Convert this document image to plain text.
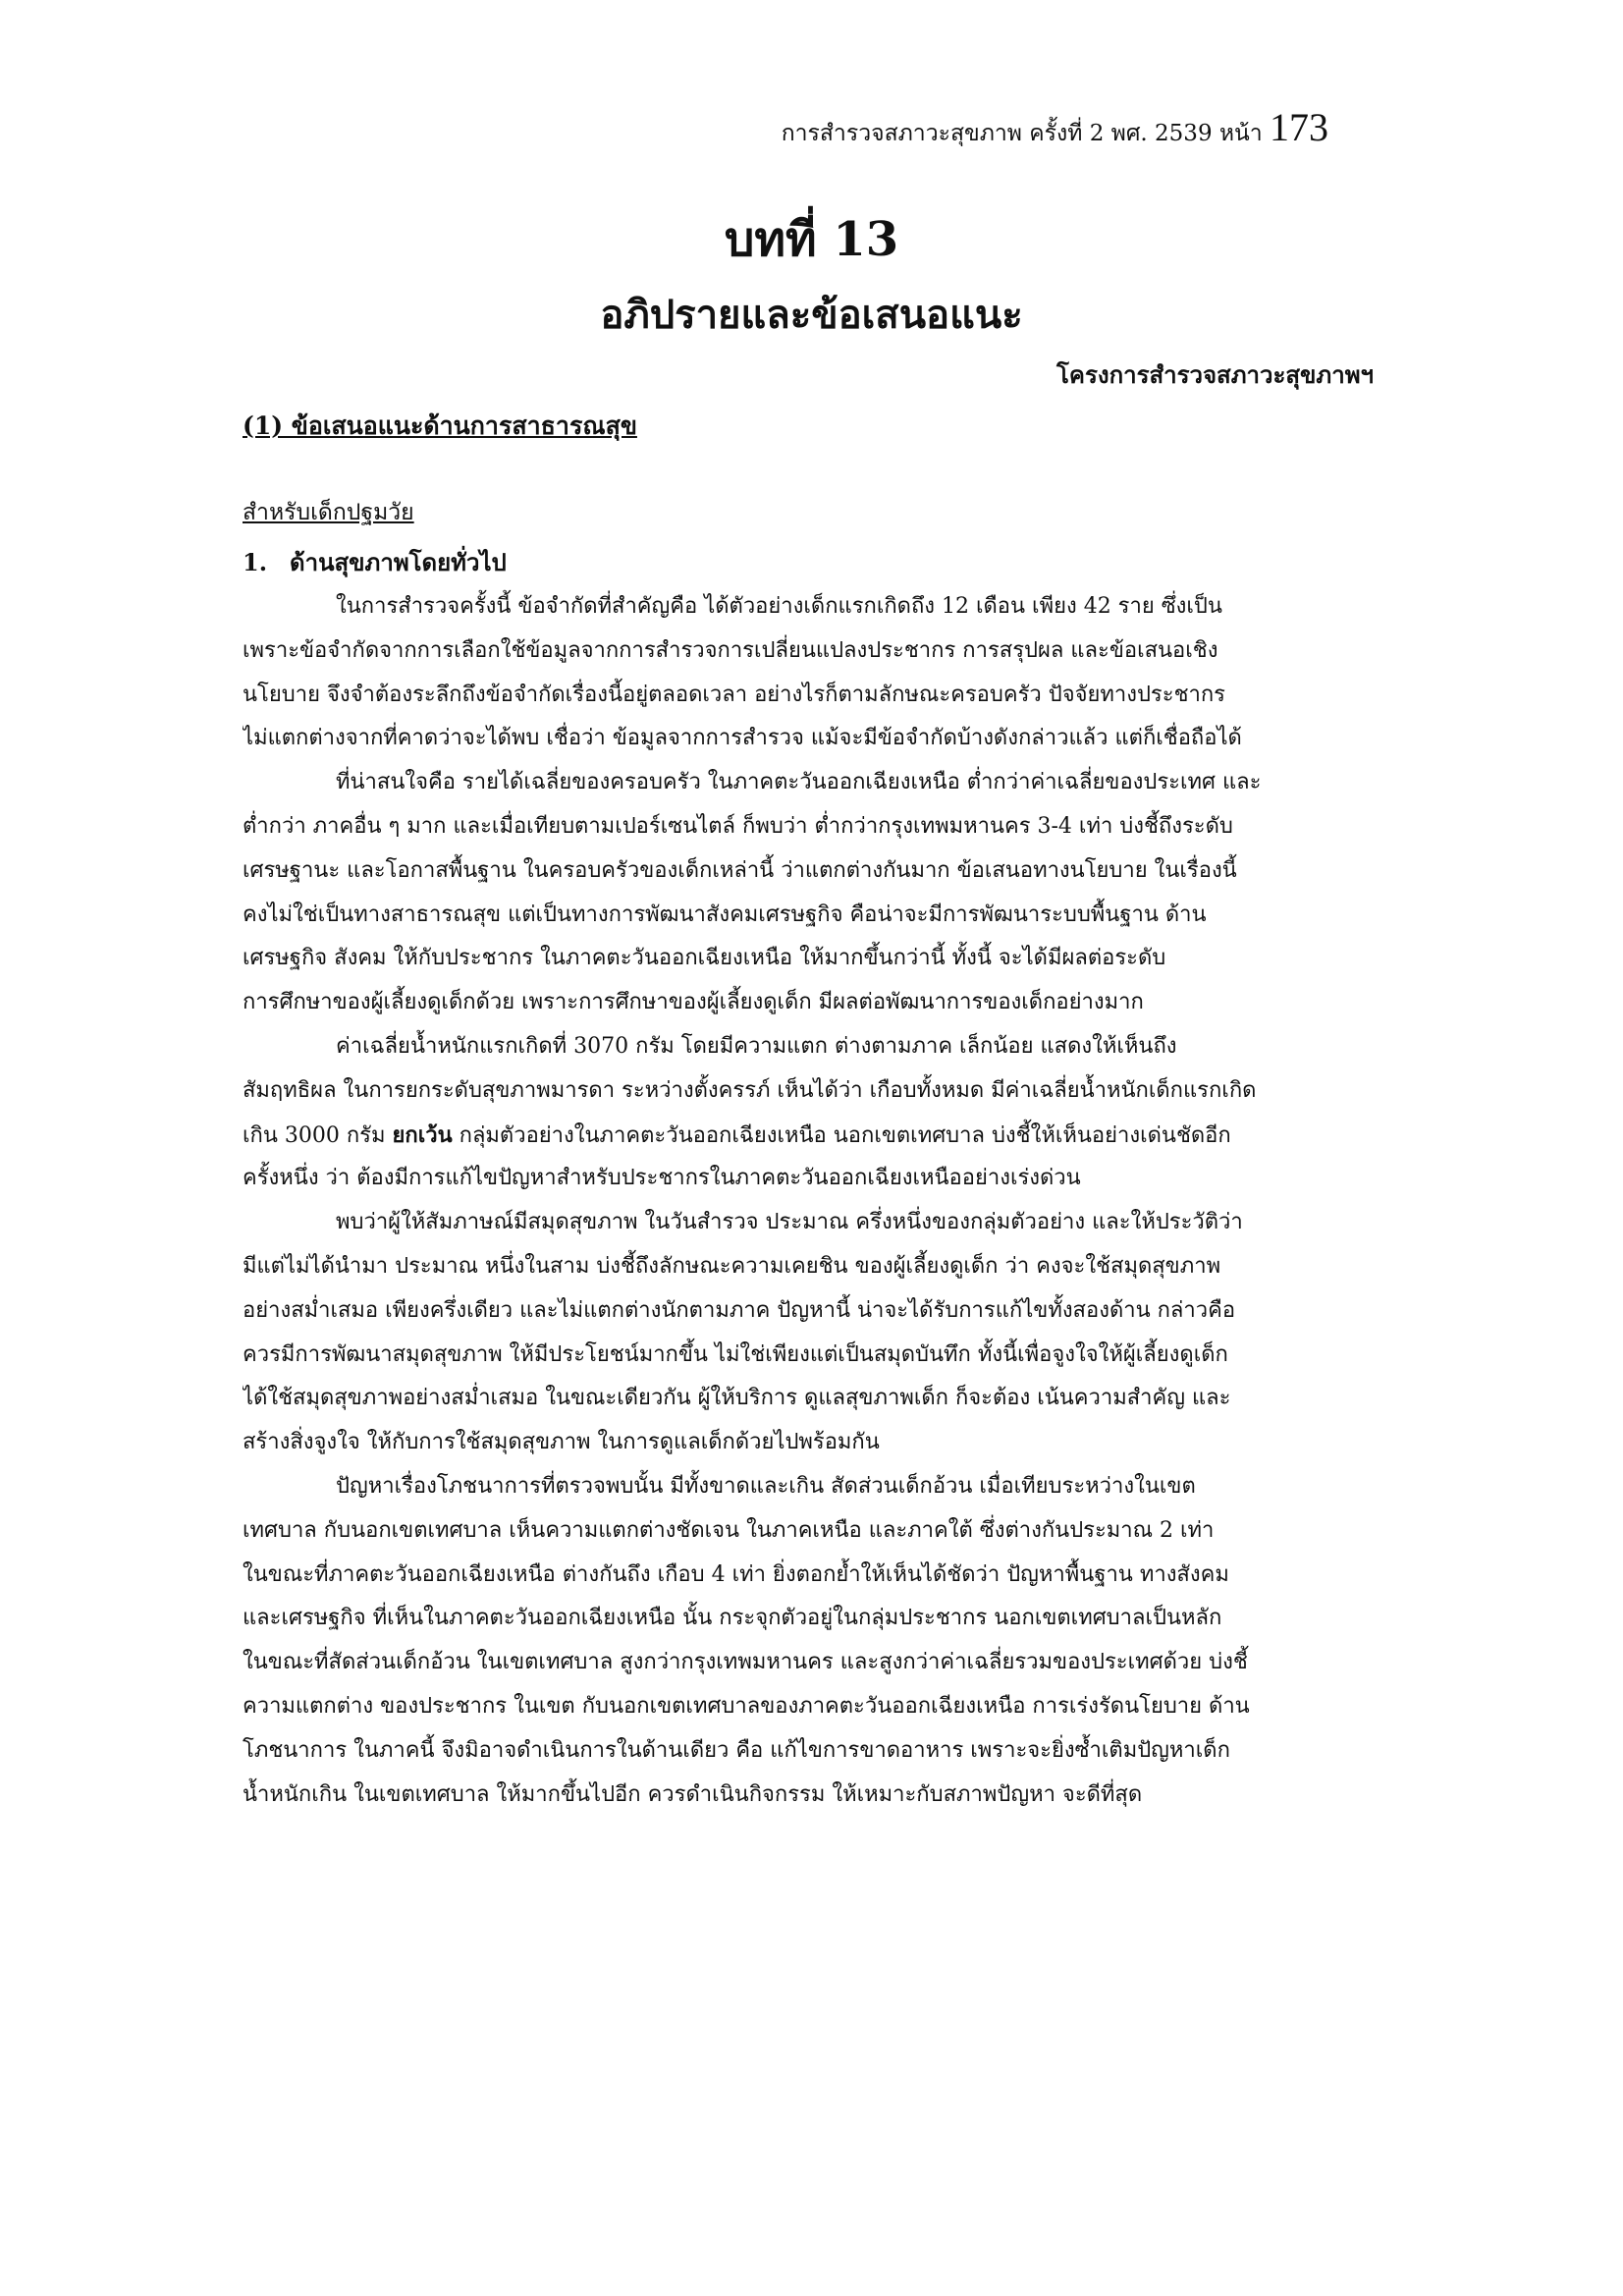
การสำรวจสภาวะสุขภาพ ครั้งที่ 2 พศ. 2539 หน้า 173
บทที่ 13
อภิปรายและข้อเสนอแนะ
โครงการสำรวจสภาวะสุขภาพฯ
(1) ข้อเสนอแนะด้านการสาธารณสุข
สำหรับเด็กปฐมวัย
1. ด้านสุขภาพโดยทั่วไป
ในการสำรวจครั้งนี้ ข้อจำกัดที่สำคัญคือ ได้ตัวอย่างเด็กแรกเกิดถึง 12 เดือน เพียง 42 ราย ซึ่งเป็น
เพราะข้อจำกัดจากการเลือกใช้ข้อมูลจากการสำรวจการเปลี่ยนแปลงประชากร การสรุปผล และข้อเสนอเชิง
นโยบาย จึงจำต้องระลึกถึงข้อจำกัดเรื่องนี้อยู่ตลอดเวลา อย่างไรก็ตามลักษณะครอบครัว ปัจจัยทางประชากร
ไม่แตกต่างจากที่คาดว่าจะได้พบ เชื่อว่า ข้อมูลจากการสำรวจ แม้จะมีข้อจำกัดบ้างดังกล่าวแล้ว แต่ก็เชื่อถือได้
ที่น่าสนใจคือ รายได้เฉลี่ยของครอบครัว ในภาคตะวันออกเฉียงเหนือ ต่ำกว่าค่าเฉลี่ยของประเทศ และ
ต่ำกว่า ภาคอื่น ๆ มาก และเมื่อเทียบตามเปอร์เซนไตล์ ก็พบว่า ต่ำกว่ากรุงเทพมหานคร 3-4 เท่า บ่งชี้ถึงระดับ
เศรษฐานะ และโอกาสพื้นฐาน ในครอบครัวของเด็กเหล่านี้ ว่าแตกต่างกันมาก ข้อเสนอทางนโยบาย ในเรื่องนี้
คงไม่ใช่เป็นทางสาธารณสุข แต่เป็นทางการพัฒนาสังคมเศรษฐกิจ คือน่าจะมีการพัฒนาระบบพื้นฐาน ด้าน
เศรษฐกิจ สังคม ให้กับประชากร ในภาคตะวันออกเฉียงเหนือ ให้มากขึ้นกว่านี้ ทั้งนี้ จะได้มีผลต่อระดับ
การศึกษาของผู้เลี้ยงดูเด็กด้วย เพราะการศึกษาของผู้เลี้ยงดูเด็ก มีผลต่อพัฒนาการของเด็กอย่างมาก
ค่าเฉลี่ยน้ำหนักแรกเกิดที่ 3070 กรัม โดยมีความแตก ต่างตามภาค เล็กน้อย แสดงให้เห็นถึง
สัมฤทธิผล ในการยกระดับสุขภาพมารดา ระหว่างตั้งครรภ์ เห็นได้ว่า เกือบทั้งหมด มีค่าเฉลี่ยน้ำหนักเด็กแรกเกิด
เกิน 3000 กรัม ยกเว้น กลุ่มตัวอย่างในภาคตะวันออกเฉียงเหนือ นอกเขตเทศบาล บ่งชี้ให้เห็นอย่างเด่นชัดอีก
ครั้งหนึ่ง ว่า ต้องมีการแก้ไขปัญหาสำหรับประชากรในภาคตะวันออกเฉียงเหนืออย่างเร่งด่วน
พบว่าผู้ให้สัมภาษณ์มีสมุดสุขภาพ ในวันสำรวจ ประมาณ ครึ่งหนึ่งของกลุ่มตัวอย่าง และให้ประวัติว่า
มีแต่ไม่ได้นำมา ประมาณ หนึ่งในสาม บ่งชี้ถึงลักษณะความเคยชิน ของผู้เลี้ยงดูเด็ก ว่า คงจะใช้สมุดสุขภาพ
อย่างสม่ำเสมอ เพียงครึ่งเดียว และไม่แตกต่างนักตามภาค ปัญหานี้ น่าจะได้รับการแก้ไขทั้งสองด้าน กล่าวคือ
ควรมีการพัฒนาสมุดสุขภาพ ให้มีประโยชน์มากขึ้น ไม่ใช่เพียงแต่เป็นสมุดบันทึก ทั้งนี้เพื่อจูงใจให้ผู้เลี้ยงดูเด็ก
ได้ใช้สมุดสุขภาพอย่างสม่ำเสมอ ในขณะเดียวกัน ผู้ให้บริการ ดูแลสุขภาพเด็ก ก็จะต้อง เน้นความสำคัญ และ
สร้างสิ่งจูงใจ ให้กับการใช้สมุดสุขภาพ ในการดูแลเด็กด้วยไปพร้อมกัน
ปัญหาเรื่องโภชนาการที่ตรวจพบนั้น มีทั้งขาดและเกิน สัดส่วนเด็กอ้วน เมื่อเทียบระหว่างในเขต
เทศบาล กับนอกเขตเทศบาล เห็นความแตกต่างชัดเจน ในภาคเหนือ และภาคใต้ ซึ่งต่างกันประมาณ 2 เท่า
ในขณะที่ภาคตะวันออกเฉียงเหนือ ต่างกันถึง เกือบ 4 เท่า ยิ่งตอกย้ำให้เห็นได้ชัดว่า ปัญหาพื้นฐาน ทางสังคม
และเศรษฐกิจ ที่เห็นในภาคตะวันออกเฉียงเหนือ นั้น กระจุกตัวอยู่ในกลุ่มประชากร นอกเขตเทศบาลเป็นหลัก
ในขณะที่สัดส่วนเด็กอ้วน ในเขตเทศบาล สูงกว่ากรุงเทพมหานคร และสูงกว่าค่าเฉลี่ยรวมของประเทศด้วย บ่งชี้
ความแตกต่าง ของประชากร ในเขต กับนอกเขตเทศบาลของภาคตะวันออกเฉียงเหนือ การเร่งรัดนโยบาย ด้าน
โภชนาการ ในภาคนี้ จึงมิอาจดำเนินการในด้านเดียว คือ แก้ไขการขาดอาหาร เพราะจะยิ่งซ้ำเติมปัญหาเด็ก
น้ำหนักเกิน ในเขตเทศบาล ให้มากขึ้นไปอีก ควรดำเนินกิจกรรม ให้เหมาะกับสภาพปัญหา จะดีที่สุด
